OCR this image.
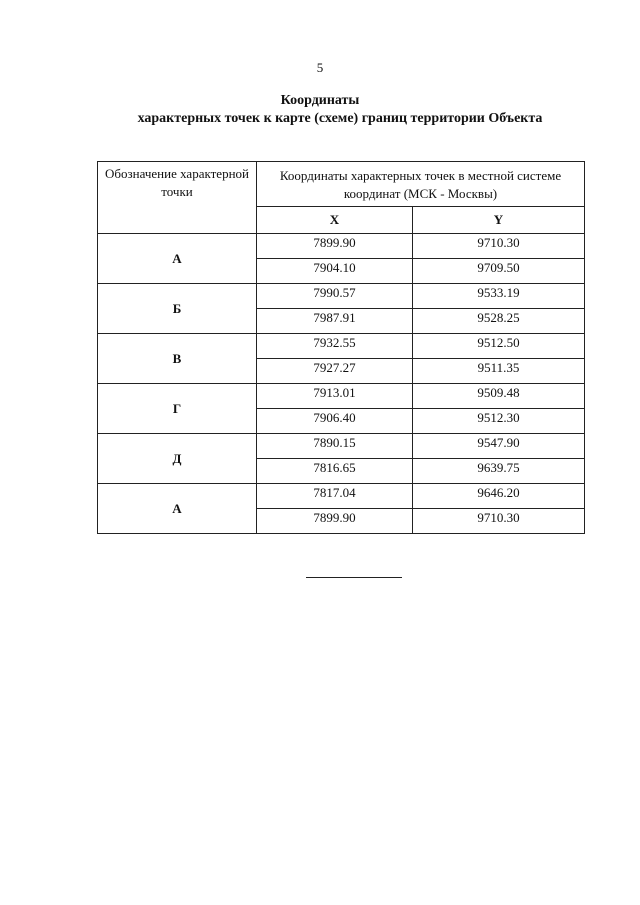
5
Координаты
характерных точек к карте (схеме) границ территории Объекта
Обозначение характерной точки	Координаты характерных точек в местной системе координат (МСК - Москвы)	
	X	Y
А	7899.90	9710.30
	7904.10	9709.50
Б	7990.57	9533.19
	7987.91	9528.25
В	7932.55	9512.50
	7927.27	9511.35
Г	7913.01	9509.48
	7906.40	9512.30
Д	7890.15	9547.90
	7816.65	9639.75
А	7817.04	9646.20
	7899.90	9710.30
